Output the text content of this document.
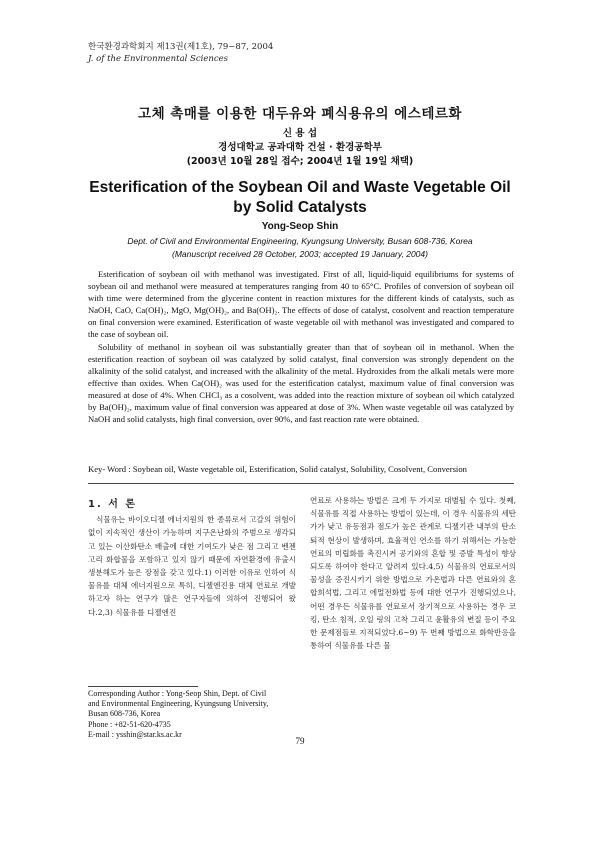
한국환경과학회지 제13권(제1호), 79~87, 2004
J. of the Environmental Sciences
고체 촉매를 이용한 대두유와 폐식용유의 에스테르화
신 용 섭
경성대학교 공과대학 건설 · 환경공학부
(2003년 10월 28일 접수; 2004년 1월 19일 채택)
Esterification of the Soybean Oil and Waste Vegetable Oil
by Solid Catalysts
Yong-Seop Shin
Dept. of Civil and Environmental Engineering, Kyungsung University, Busan 608-736, Korea
(Manuscript received 28 October, 2003; accepted 19 January, 2004)

Esterification of soybean oil with methanol was investigated. First of all, liquid-liquid equilibriums for systems of soybean oil and methanol were measured at temperatures ranging from 40 to 65°C. Profiles of conversion of soybean oil with time were determined from the glycerine content in reaction mixtures for the different kinds of catalysts, such as NaOH, CaO, Ca(OH)₂, MgO, Mg(OH)₂, and Ba(OH)₂. The effects of dose of catalyst, cosolvent and reaction temperature on final conversion were examined. Esterification of waste vegetable oil with methanol was investigated and compared to the case of soybean oil.

Solubility of methanol in soybean oil was substantially greater than that of soybean oil in methanol. When the esterification reaction of soybean oil was catalyzed by solid catalyst, final conversion was strongly dependent on the alkalinity of the solid catalyst, and increased with the alkalinity of the metal. Hydroxides from the alkali metals were more effective than oxides. When Ca(OH)₂ was used for the esterification catalyst, maximum value of final conversion was measured at dose of 4%. When CHCl₃ as a cosolvent, was added into the reaction mixture of soybean oil which catalyzed by Ba(OH)₂, maximum value of final conversion was appeared at dose of 3%. When waste vegetable oil was catalyzed by NaOH and solid catalysts, high final conversion, over 90%, and fast reaction rate were obtained.

Key- Word : Soybean oil, Waste vegetable oil, Esterification, Solid catalyst, Solubility, Cosolvent, Conversion
1. 서 론

식물유는 바이오디젤 에너지원의 한 종류로서 고갈의 위험이 없이 지속적인 생산이 가능하며 지구온난화의 주범으로 생각되고 있는 이산화탄소 배출에 대한 기여도가 낮은 점 그리고 벤젠고리 화합물을 포함하고 있지 않기 때문에 자연환경에 유출시 생분해도가 높은 장점을 갖고 있다.1) 이러한 이유로 인하여 식물유를 대체 에너지원으로 특히, 디젤엔진용 대체 연료로 개발하고자 하는 연구가 많은 연구자들에 의하여 진행되어 왔다.2,3) 식물유를 디젤엔진

연료로 사용하는 방법은 크게 두 가지로 대별될 수 있다. 첫째, 식물유를 직접 사용하는 방법이 있는데, 이 경우 식물유의 세탄가가 낮고 유동점과 점도가 높은 관계로 디젤기관 내부의 탄소 퇴적 현상이 발생하며, 효율적인 연소를 하기 위해서는 가능한 연료의 미립화를 촉진시켜 공기와의 혼합 및 증발 특성이 향상되도록 하여야 한다고 알려져 있다.4,5) 식물유의 연료로서의 물성을 증진시키기 위한 방법으로 가온법과 다른 연료와의 혼합희석법, 그리고 에멀전화법 등에 대한 연구가 진행되었으나, 어떤 경우든 식물유를 연료로서 장기적으로 사용하는 경우 코킹, 탄소 침적, 오일 링의 고착 그리고 윤활유의 변질 등이 주요한 문제점들로 지적되었다.6~9) 두 번째 방법으로 화학반응을 통하여 식물유를 다른 물

Corresponding Author : Yong-Seop Shin, Dept. of Civil
and Environmental Engineering, Kyungsung University,
Busan 608-736, Korea
Phone : +82-51-620-4735
E-mail : ysshin@star.ks.ac.kr
79
